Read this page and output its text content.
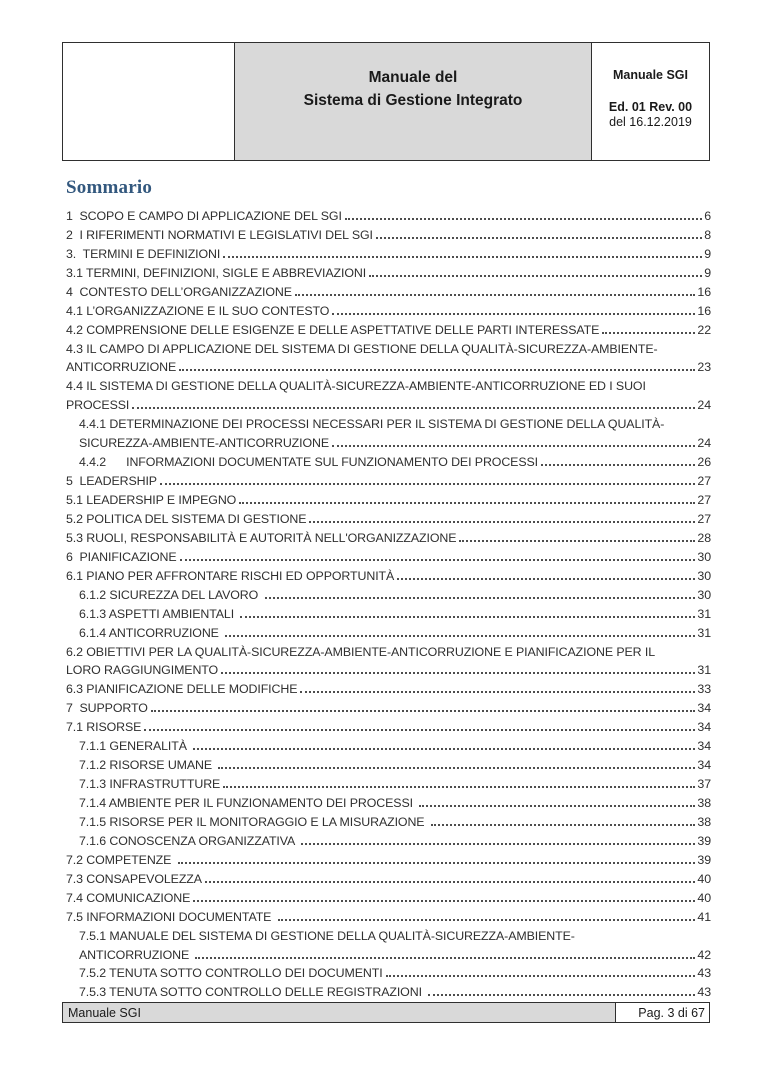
Manuale del
Sistema di Gestione Integrato
Manuale SGI
Ed. 01 Rev. 00
del 16.12.2019
Sommario
1  SCOPO E CAMPO DI APPLICAZIONE DEL SGI	6
2  I RIFERIMENTI NORMATIVI E LEGISLATIVI DEL SGI	8
3.  TERMINI E DEFINIZIONI	9
3.1 TERMINI, DEFINIZIONI, SIGLE E ABBREVIAZIONI	9
4  CONTESTO DELL’ORGANIZZAZIONE	16
4.1 L’ORGANIZZAZIONE E IL SUO CONTESTO	16
4.2 COMPRENSIONE DELLE ESIGENZE E DELLE ASPETTATIVE DELLE PARTI INTERESSATE	22
4.3 IL CAMPO DI APPLICAZIONE DEL SISTEMA DI GESTIONE DELLA QUALITÀ-SICUREZZA-AMBIENTE-
ANTICORRUZIONE	23
4.4 IL SISTEMA DI GESTIONE DELLA QUALITÀ-SICUREZZA-AMBIENTE-ANTICORRUZIONE ED I SUOI
PROCESSI	24
4.4.1 DETERMINAZIONE DEI PROCESSI NECESSARI PER IL SISTEMA DI GESTIONE DELLA QUALITÀ-
SICUREZZA-AMBIENTE-ANTICORRUZIONE	24
4.4.2      INFORMAZIONI DOCUMENTATE SUL FUNZIONAMENTO DEI PROCESSI	26
5  LEADERSHIP	27
5.1 LEADERSHIP E IMPEGNO	27
5.2 POLITICA DEL SISTEMA DI GESTIONE	27
5.3 RUOLI, RESPONSABILITÀ E AUTORITÀ NELL'ORGANIZZAZIONE	28
6  PIANIFICAZIONE	30
6.1 PIANO PER AFFRONTARE RISCHI ED OPPORTUNITÀ	30
6.1.2 SICUREZZA DEL LAVORO	30
6.1.3 ASPETTI AMBIENTALI	31
6.1.4 ANTICORRUZIONE	31
6.2 OBIETTIVI PER LA QUALITÀ-SICUREZZA-AMBIENTE-ANTICORRUZIONE E PIANIFICAZIONE PER IL
LORO RAGGIUNGIMENTO	31
6.3 PIANIFICAZIONE DELLE MODIFICHE	33
7  SUPPORTO	34
7.1 RISORSE	34
7.1.1 GENERALITÀ	34
7.1.2 RISORSE UMANE	34
7.1.3 INFRASTRUTTURE	37
7.1.4 AMBIENTE PER IL FUNZIONAMENTO DEI PROCESSI	38
7.1.5 RISORSE PER IL MONITORAGGIO E LA MISURAZIONE	38
7.1.6 CONOSCENZA ORGANIZZATIVA	39
7.2 COMPETENZE	39
7.3 CONSAPEVOLEZZA	40
7.4 COMUNICAZIONE	40
7.5 INFORMAZIONI DOCUMENTATE	41
7.5.1 MANUALE DEL SISTEMA DI GESTIONE DELLA QUALITÀ-SICUREZZA-AMBIENTE-
ANTICORRUZIONE	42
7.5.2 TENUTA SOTTO CONTROLLO DEI DOCUMENTI	43
7.5.3 TENUTA SOTTO CONTROLLO DELLE REGISTRAZIONI	43
Manuale SGI	Pag. 3 di 67
